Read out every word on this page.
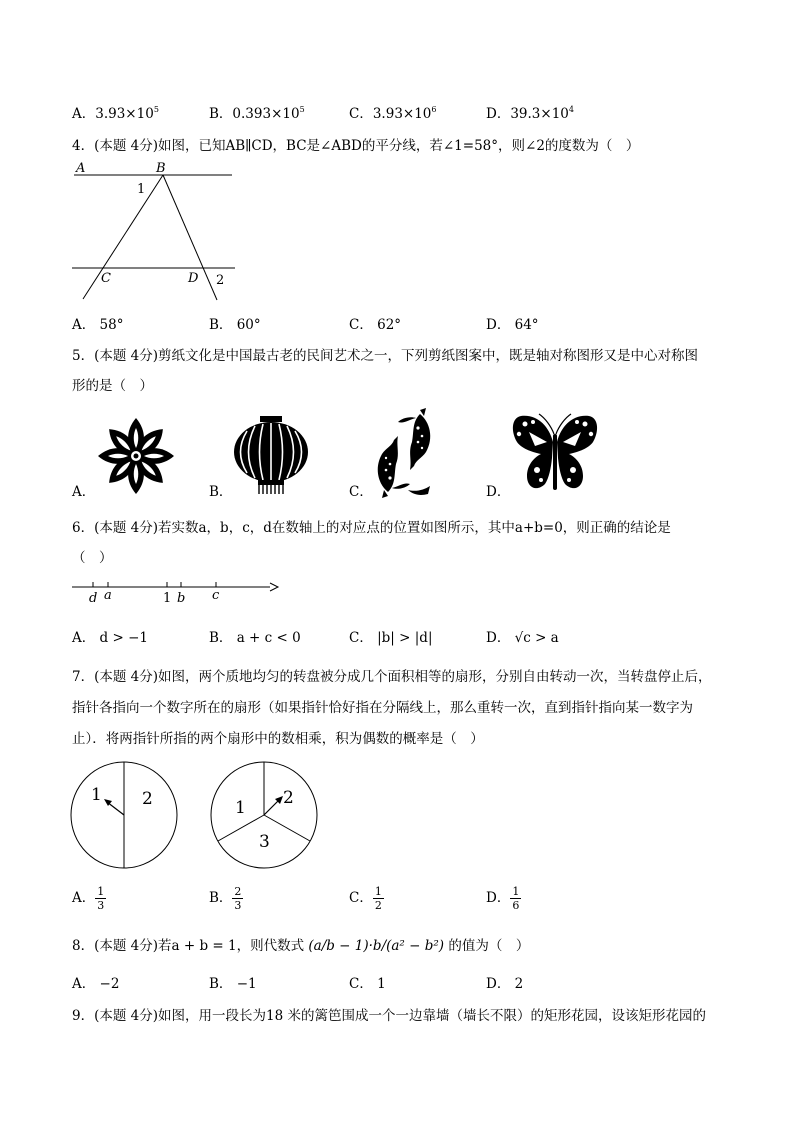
A．$3.93\times 10^5$	B．$0.393\times 10^5$	C．$3.93\times 10^6$	D．$39.3\times 10^4$
4．(本题 4分)如图，已知AB∥CD，BC是∠ABD的平分线，若∠1=58°，则∠2的度数为（　）
A	B
1
C	D 2
A． 58°	B． 60°	C． 62°	D． 64°
5．(本题 4分)剪纸文化是中国最古老的民间艺术之一，下列剪纸图案中，既是轴对称图形又是中心对称图
形的是（　）
A．	B．	C．	D．
6．(本题 4分)若实数a，b，c，d在数轴上的对应点的位置如图所示，其中a+b=0，则正确的结论是
（　）
d a	1 b c
A． d > −1	B． a + c < 0	C． |b| > |d|	D． √c > a
7．(本题 4分)如图，两个质地均匀的转盘被分成几个面积相等的扇形，分别自由转动一次，当转盘停止后，
指针各指向一个数字所在的扇形（如果指针恰好指在分隔线上，那么重转一次，直到指针指向某一数字为
止）．将两指针所指的两个扇形中的数相乘，积为偶数的概率是（　）
1 2	1 2
3
A． $\frac{1}{3}$	B． $\frac{2}{3}$	C． $\frac{1}{2}$	D． $\frac{1}{6}$
8．(本题 4分)若a + b = 1，则代数式 (a/b − 1)·b/(a² − b²) 的值为（　）
A． −2	B． −1	C． 1	D． 2
9．(本题 4分)如图，用一段长为18 米的篱笆围成一个一边靠墙（墙长不限）的矩形花园，设该矩形花园的
